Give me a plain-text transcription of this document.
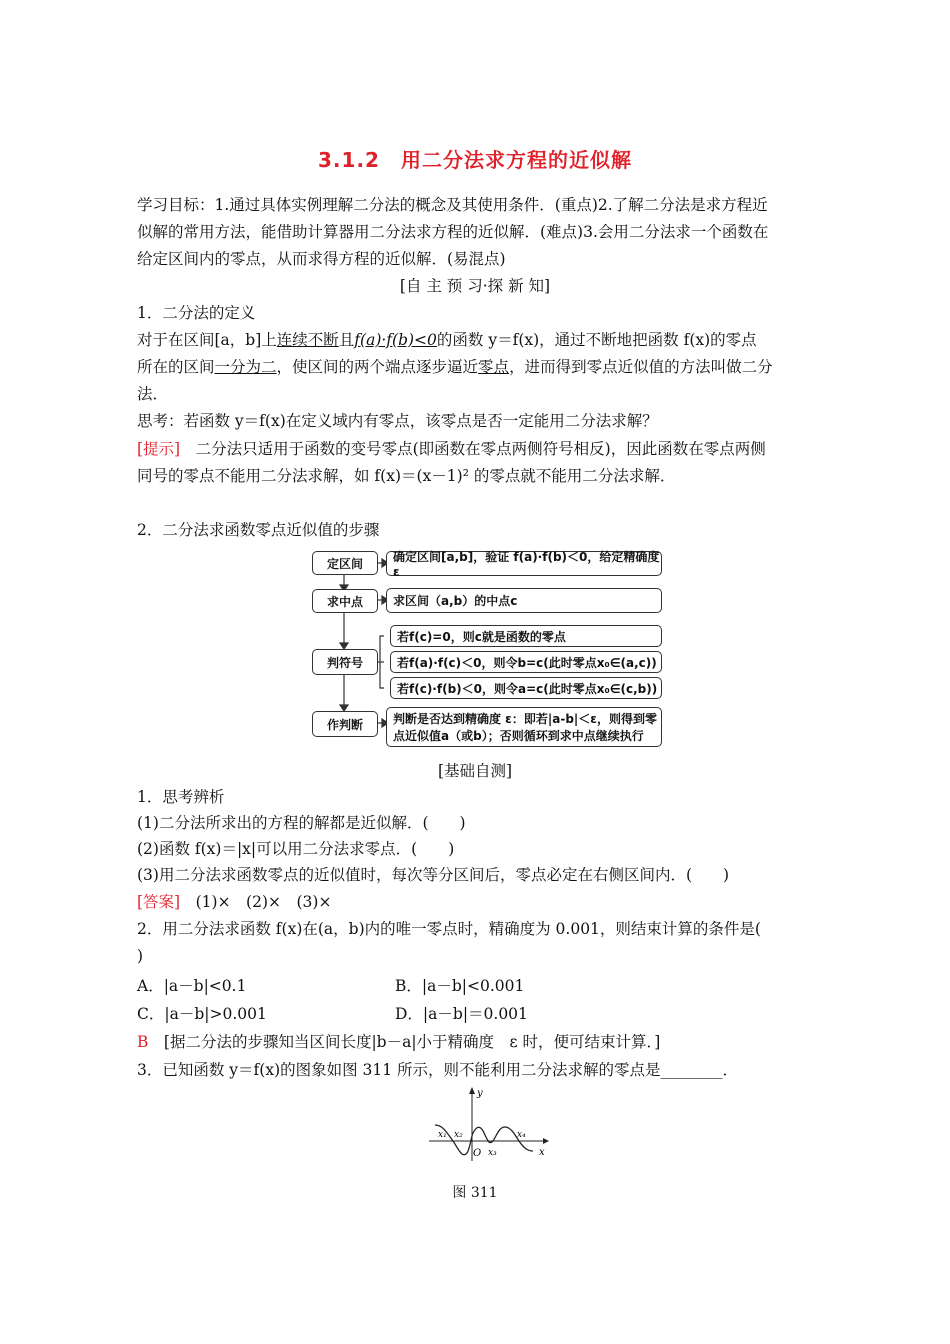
3.1.2　用二分法求方程的近似解
学习目标：1.通过具体实例理解二分法的概念及其使用条件．(重点)2.了解二分法是求方程近
似解的常用方法，能借助计算器用二分法求方程的近似解．(难点)3.会用二分法求一个函数在
给定区间内的零点，从而求得方程的近似解．(易混点)
[自 主 预 习·探 新 知]
1．二分法的定义
对于在区间[a，b]上连续不断且f(a)·f(b)<0的函数 y＝f(x)，通过不断地把函数 f(x)的零点
所在的区间一分为二，使区间的两个端点逐步逼近零点，进而得到零点近似值的方法叫做二分
法．
思考：若函数 y＝f(x)在定义域内有零点，该零点是否一定能用二分法求解？
[提示]　二分法只适用于函数的变号零点(即函数在零点两侧符号相反)，因此函数在零点两侧
同号的零点不能用二分法求解，如 f(x)＝(x－1)² 的零点就不能用二分法求解．
2．二分法求函数零点近似值的步骤
定区间	确定区间[a,b]，验证 f(a)·f(b)＜0，给定精确度 ε
求中点	求区间（a,b）的中点c
判符号
若f(c)=0，则c就是函数的零点
若f(a)·f(c)＜0，则令b=c(此时零点x₀∈(a,c))
若f(c)·f(b)＜0，则令a=c(此时零点x₀∈(c,b))
作判断	判断是否达到精确度 ε：即若|a-b|＜ε，则得到零
点近似值a（或b）；否则循环到求中点继续执行
[基础自测]
1．思考辨析
(1)二分法所求出的方程的解都是近似解．(　　)
(2)函数 f(x)＝|x|可以用二分法求零点．(　　)
(3)用二分法求函数零点的近似值时，每次等分区间后，零点必定在右侧区间内．(　　)
[答案]　(1)×　(2)×　(3)×
2．用二分法求函数 f(x)在(a，b)内的唯一零点时，精确度为 0.001，则结束计算的条件是(
)
A．|a－b|<0.1	B．|a－b|<0.001
C．|a－b|>0.001	D．|a－b|＝0.001
B　[据二分法的步骤知当区间长度|b－a|小于精确度　ε 时，便可结束计算．]
3．已知函数 y＝f(x)的图象如图 311 所示，则不能利用二分法求解的零点是________．
x₁ x₂
x₃
x₄
O	x
y
图 311
